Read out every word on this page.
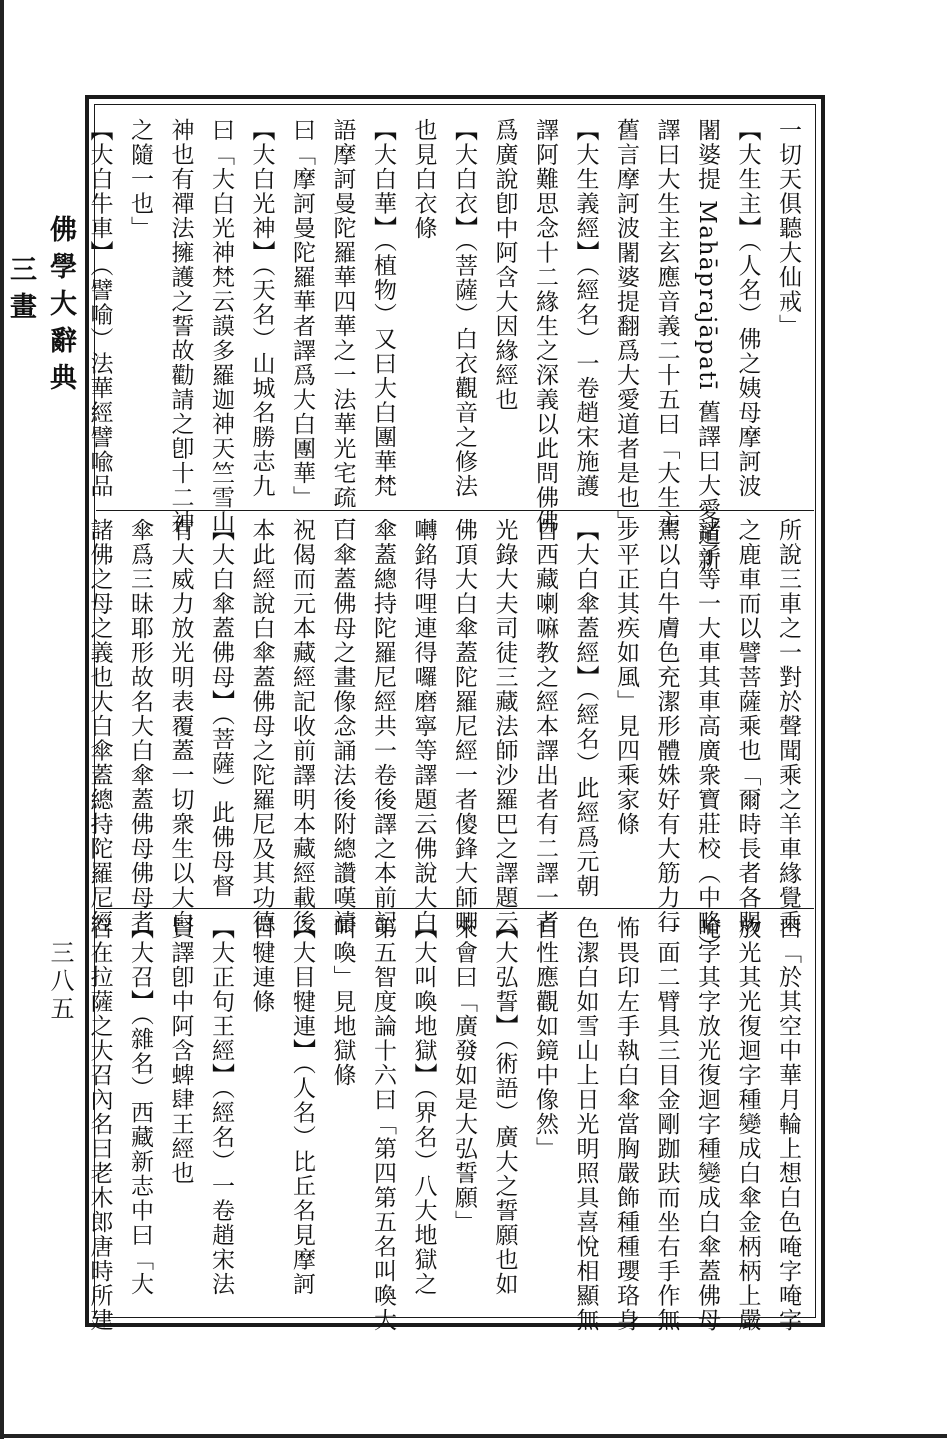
佛學大辭典 三畫
三八五
一切天俱聽大仙戒」
【大生主】（人名）佛之姨母摩訶波
闍婆提 Mahāprajāpatī 舊譯曰大愛道新
譯曰大生主玄應音義二十五曰「大生主
舊言摩訶波闍婆提翻爲大愛道者是也」
【大生義經】（經名）一卷趙宋施護
譯阿難思念十二緣生之深義以此問佛佛
爲廣說卽中阿含大因緣經也
【大白衣】（菩薩）白衣觀音之修法
也見白衣條
【大白華】（植物）又曰大白團華梵
語摩訶曼陀羅華四華之一法華光宅疏一
曰「摩訶曼陀羅華者譯爲大白團華」
【大白光神】（天名）山城名勝志九
曰「大白光神梵云謨多羅迦神天竺雪山
神也有禪法擁護之誓故勸請之卽十二神
之隨一也」
【大白牛車】（譬喻）法華經譬喩品
所說三車之一對於聲聞乘之羊車緣覺乘
之鹿車而以譬菩薩乘也「爾時長者各賜
諸子等一大車其車高廣衆寶莊校（中略）
駕以白牛膚色充潔形體姝好有大筋力行
步平正其疾如風」見四乘家條
【大白傘蓋經】（經名）此經爲元朝
自西藏喇嘛教之經本譯出者有二譯一者
光錄大夫司徒三藏法師沙羅巴之譯題云
佛頂大白傘蓋陀羅尼經一者傻鋒大師唧
囀銘得哩連得囉磨寧等譯題云佛說大白
傘蓋總持陀羅尼經共一卷後譯之本前記
白傘蓋佛母之畫像念誦法後附總讚嘆禱
祝偈而元本藏經記收前譯明本藏經載後
本此經說白傘蓋佛母之陀羅尼及其功德
【大白傘蓋佛母】（菩薩）此佛母督
有大威力放光明表覆蓋一切衆生以大白
傘爲三昧耶形故名大白傘蓋佛母佛母者
諸佛之母之義也大白傘蓋總持陀羅尼經
曰「於其空中華月輪上想白色唵字唵字
放光其光復迴字種變成白傘金柄柄上嚴
唵字其字放光復迴字種變成白傘蓋佛母
一面二臂具三目金剛跏趺而坐右手作無
怖畏印左手執白傘當胸嚴飾種種瓔珞身
色潔白如雪山上日光明照具喜悅相顯無
自性應觀如鏡中像然」
【大弘誓】（術語）廣大之誓願也如
來會曰「廣發如是大弘誓願」
【大叫喚地獄】（界名）八大地獄之
第五智度論十六曰「第四第五名叫喚大
叫喚」見地獄條
【大目犍連】（人名）比丘名見摩訶
目犍連條
【大正句王經】（經名）一卷趙宋法
賢譯卽中阿含蜱肆王經也
【大召】（雜名）西藏新志中曰「大
召在拉薩之大召內名曰老木郎唐時所建
